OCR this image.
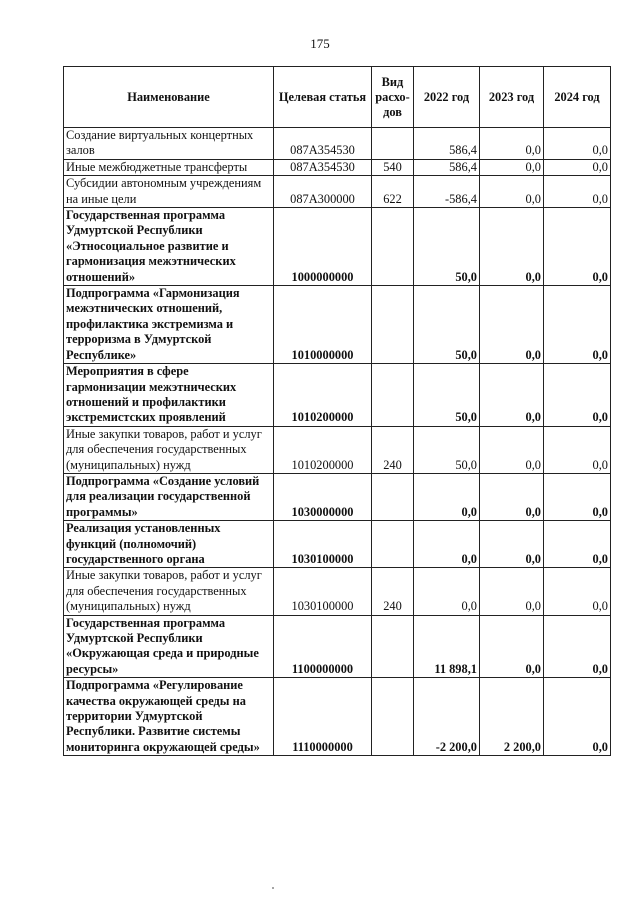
175
Наименование	Целевая статья	Вид расхо-дов	2022 год	2023 год	2024 год
Создание виртуальных концертных залов	087А354530		586,4	0,0	0,0
Иные межбюджетные трансферты	087А354530	540	586,4	0,0	0,0
Субсидии автономным учреждениям на иные цели	087А300000	622	-586,4	0,0	0,0
Государственная программа Удмуртской Республики «Этносоциальное развитие и гармонизация межэтнических отношений»	1000000000		50,0	0,0	0,0
Подпрограмма «Гармонизация межэтнических отношений, профилактика экстремизма и терроризма в Удмуртской Республике»	1010000000		50,0	0,0	0,0
Мероприятия в сфере гармонизации межэтнических отношений и профилактики экстремистских проявлений	1010200000		50,0	0,0	0,0
Иные закупки товаров, работ и услуг для обеспечения государственных (муниципальных) нужд	1010200000	240	50,0	0,0	0,0
Подпрограмма «Создание условий для реализации государственной программы»	1030000000		0,0	0,0	0,0
Реализация установленных функций (полномочий) государственного органа	1030100000		0,0	0,0	0,0
Иные закупки товаров, работ и услуг для обеспечения государственных (муниципальных) нужд	1030100000	240	0,0	0,0	0,0
Государственная программа Удмуртской Республики «Окружающая среда и природные ресурсы»	1100000000		11 898,1	0,0	0,0
Подпрограмма «Регулирование качества окружающей среды на территории Удмуртской Республики. Развитие системы мониторинга окружающей среды»	1110000000		-2 200,0	2 200,0	0,0
